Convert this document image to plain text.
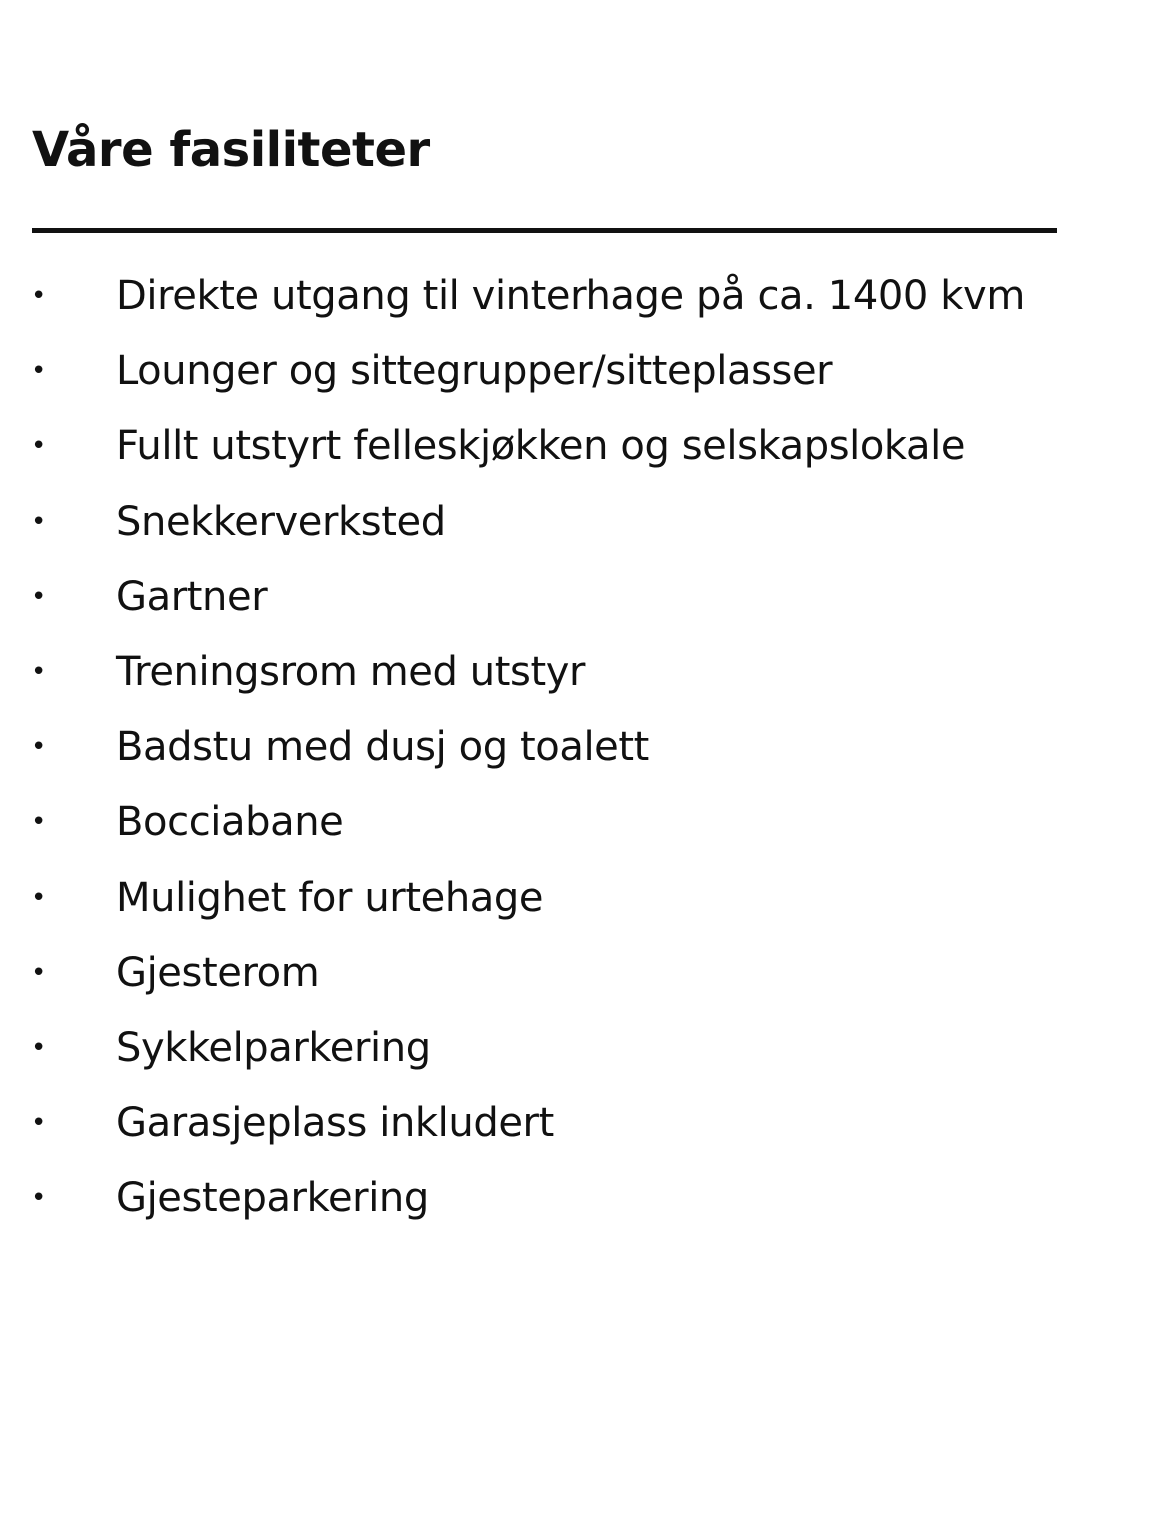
Våre fasiliteter
• Direkte utgang til vinterhage på ca. 1400 kvm
• Lounger og sittegrupper/sitteplasser
• Fullt utstyrt felleskjøkken og selskapslokale
• Snekkerverksted
• Gartner
• Treningsrom med utstyr
• Badstu med dusj og toalett
• Bocciabane
• Mulighet for urtehage
• Gjesterom
• Sykkelparkering
• Garasjeplass inkludert
• Gjesteparkering
